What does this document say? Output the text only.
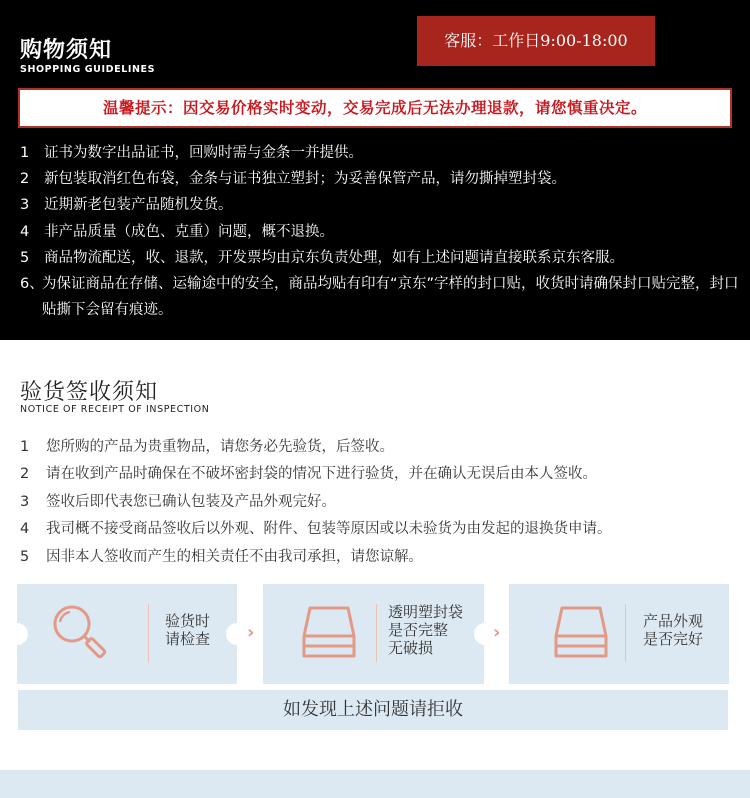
购物须知
SHOPPING GUIDELINES
客服：工作日9:00-18:00
温馨提示：因交易价格实时变动，交易完成后无法办理退款，请您慎重决定。
1	证书为数字出品证书，回购时需与金条一并提供。
2	新包装取消红色布袋，金条与证书独立塑封；为妥善保管产品，请勿撕掉塑封袋。
3	近期新老包装产品随机发货。
4	非产品质量（成色、克重）问题，概不退换。
5	商品物流配送，收、退款，开发票均由京东负责处理，如有上述问题请直接联系京东客服。
6、
为保证商品在存储、运输途中的安全，商品均贴有印有“京东”字样的封口贴，收货时请确保封口贴完整，封口贴撕下会留有痕迹。
验货签收须知
NOTICE OF RECEIPT OF INSPECTION
1	您所购的产品为贵重物品，请您务必先验货，后签收。
2	请在收到产品时确保在不破坏密封袋的情况下进行验货，并在确认无误后由本人签收。
3	签收后即代表您已确认包装及产品外观完好。
4	我司概不接受商品签收后以外观、附件、包装等原因或以未验货为由发起的退换货申请。
5	因非本人签收而产生的相关责任不由我司承担，请您谅解。
验货时
请检查 ›
透明塑封袋
是否完整
无破损
›
产品外观
是否完好
如发现上述问题请拒收
